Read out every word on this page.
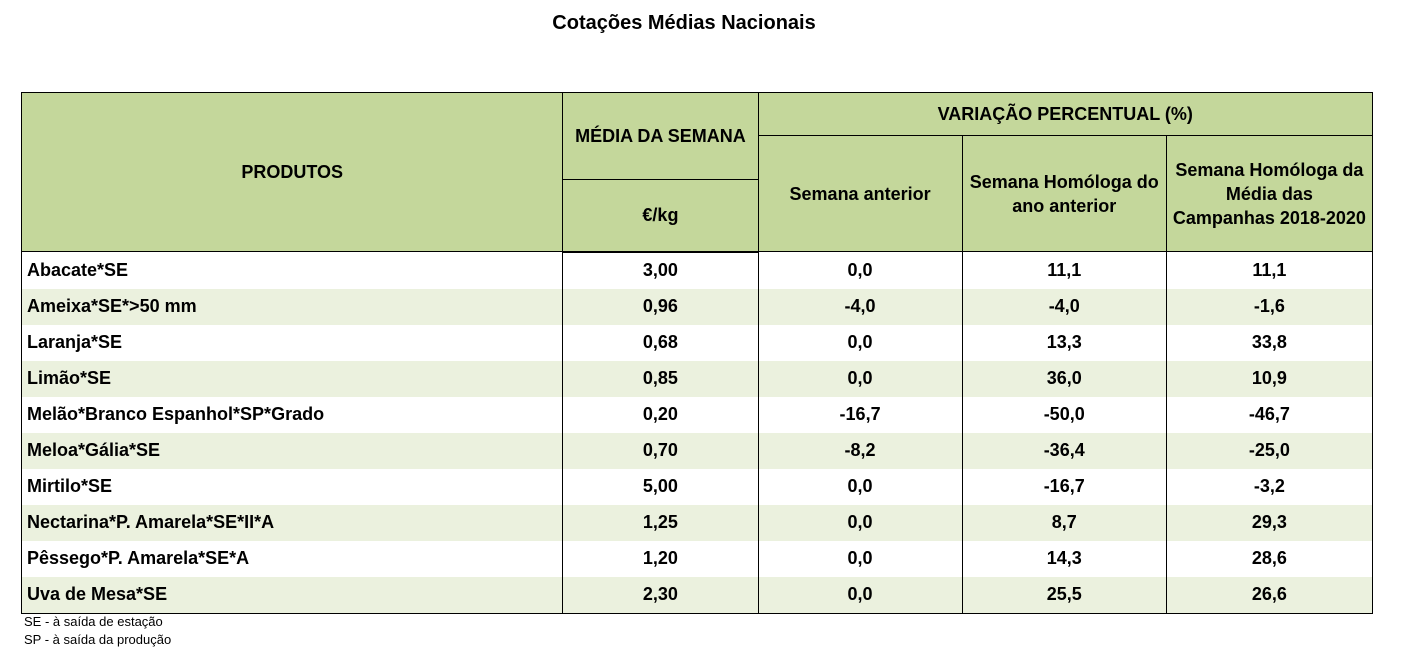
Cotações Médias Nacionais
PRODUTOS	MÉDIA DA SEMANA	VARIAÇÃO PERCENTUAL (%)		
		Semana anterior	Semana Homóloga do ano anterior	Semana Homóloga da Média das Campanhas 2018-2020
	€/kg			
Abacate*SE	3,00	0,0	11,1	11,1
Ameixa*SE*>50 mm	0,96	-4,0	-4,0	-1,6
Laranja*SE	0,68	0,0	13,3	33,8
Limão*SE	0,85	0,0	36,0	10,9
Melão*Branco Espanhol*SP*Grado	0,20	-16,7	-50,0	-46,7
Meloa*Gália*SE	0,70	-8,2	-36,4	-25,0
Mirtilo*SE	5,00	0,0	-16,7	-3,2
Nectarina*P. Amarela*SE*II*A	1,25	0,0	8,7	29,3
Pêssego*P. Amarela*SE*A	1,20	0,0	14,3	28,6
Uva de Mesa*SE	2,30	0,0	25,5	26,6
SE - à saída de estação
SP - à saída da produção
